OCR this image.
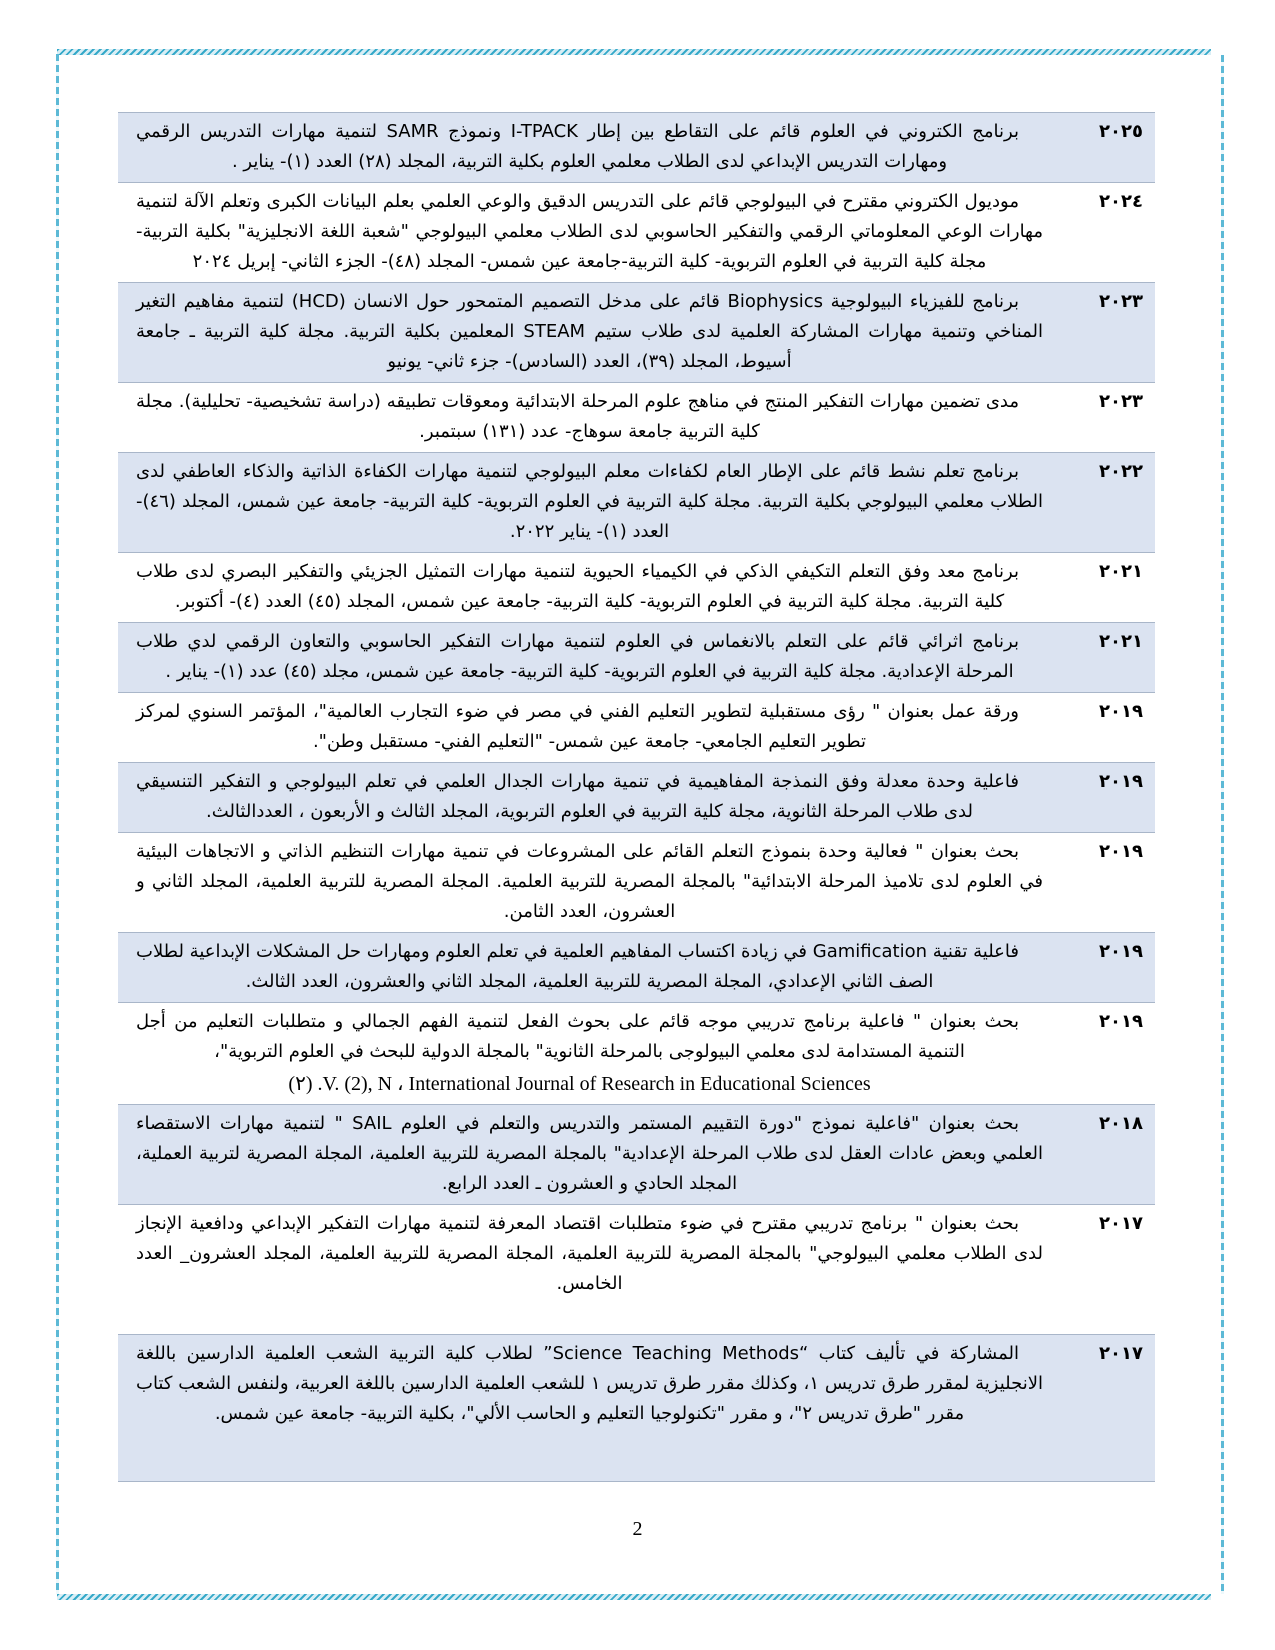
٢٠٢٥

برنامج الكتروني في العلوم قائم على التقاطع بين إطار I-TPACK ونموذج SAMR لتنمية مهارات التدريس الرقمي ومهارات التدريس الإبداعي لدى الطلاب معلمي العلوم بكلية التربية، المجلد (٢٨) العدد (١)- يناير .

٢٠٢٤

موديول الكتروني مقترح في البيولوجي قائم على التدريس الدقيق والوعي العلمي بعلم البيانات الكبرى وتعلم الآلة لتنمية مهارات الوعي المعلوماتي الرقمي والتفكير الحاسوبي لدى الطلاب معلمي البيولوجي "شعبة اللغة الانجليزية" بكلية التربية- مجلة كلية التربية في العلوم التربوية- كلية التربية-جامعة عين شمس- المجلد (٤٨)- الجزء الثاني- إبريل ٢٠٢٤

٢٠٢٣

برنامج للفيزياء البيولوجية Biophysics قائم على مدخل التصميم المتمحور حول الانسان (HCD) لتنمية مفاهيم التغير المناخي وتنمية مهارات المشاركة العلمية لدى طلاب ستيم STEAM المعلمين بكلية التربية. مجلة كلية التربية ـ جامعة أسيوط، المجلد (٣٩)، العدد (السادس)- جزء ثاني- يونيو

٢٠٢٣

مدى تضمين مهارات التفكير المنتج في مناهج علوم المرحلة الابتدائية ومعوقات تطبيقه (دراسة تشخيصية- تحليلية). مجلة كلية التربية جامعة سوهاج- عدد (١٣١) سبتمبر.

٢٠٢٢

برنامج تعلم نشط قائم على الإطار العام لكفاءات معلم البيولوجي لتنمية مهارات الكفاءة الذاتية والذكاء العاطفي لدى الطلاب معلمي البيولوجي بكلية التربية. مجلة كلية التربية في العلوم التربوية- كلية التربية- جامعة عين شمس، المجلد (٤٦)- العدد (١)- يناير ٢٠٢٢.

٢٠٢١

برنامج معد وفق التعلم التكيفي الذكي في الكيمياء الحيوية لتنمية مهارات التمثيل الجزيئي والتفكير البصري لدى طلاب كلية التربية. مجلة كلية التربية في العلوم التربوية- كلية التربية- جامعة عين شمس، المجلد (٤٥) العدد (٤)- أكتوبر.

٢٠٢١

برنامج اثرائي قائم على التعلم بالانغماس في العلوم لتنمية مهارات التفكير الحاسوبي والتعاون الرقمي لدي طلاب المرحلة الإعدادية. مجلة كلية التربية في العلوم التربوية- كلية التربية- جامعة عين شمس، مجلد (٤٥) عدد (١)- يناير .

٢٠١٩

ورقة عمل بعنوان " رؤى مستقبلية لتطوير التعليم الفني في مصر في ضوء التجارب العالمية"، المؤتمر السنوي لمركز تطوير التعليم الجامعي- جامعة عين شمس- "التعليم الفني- مستقبل وطن".

٢٠١٩

فاعلية وحدة معدلة وفق النمذجة المفاهيمية في تنمية مهارات الجدال العلمي في تعلم البيولوجي و التفكير التنسيقي لدى طلاب المرحلة الثانوية، مجلة كلية التربية في العلوم التربوية، المجلد الثالث و الأربعون ، العددالثالث.

٢٠١٩

بحث بعنوان " فعالية وحدة بنموذج التعلم القائم على المشروعات في تنمية مهارات التنظيم الذاتي و الاتجاهات البيئية في العلوم لدى تلاميذ المرحلة الابتدائية" بالمجلة المصرية للتربية العلمية. المجلة المصرية للتربية العلمية، المجلد الثاني و العشرون، العدد الثامن.

٢٠١٩

فاعلية تقنية Gamification في زيادة اكتساب المفاهيم العلمية في تعلم العلوم ومهارات حل المشكلات الإبداعية لطلاب الصف الثاني الإعدادي، المجلة المصرية للتربية العلمية، المجلد الثاني والعشرون، العدد الثالث.

٢٠١٩

بحث بعنوان " فاعلية برنامج تدريبي موجه قائم على بحوث الفعل لتنمية الفهم الجمالي و متطلبات التعليم من أجل التنمية المستدامة لدى معلمي البيولوجى بالمرحلة الثانوية" بالمجلة الدولية للبحث في العلوم التربوية"،

(٢) .V. (2), N ، International Journal of Research in Educational Sciences
٢٠١٨

بحث بعنوان "فاعلية نموذج "دورة التقييم المستمر والتدريس والتعلم في العلوم SAIL " لتنمية مهارات الاستقصاء العلمي وبعض عادات العقل لدى طلاب المرحلة الإعدادية" بالمجلة المصرية للتربية العلمية، المجلة المصرية لتربية العملية، المجلد الحادي و العشرون ـ العدد الرابع.

٢٠١٧

بحث بعنوان " برنامج تدريبي مقترح في ضوء متطلبات اقتصاد المعرفة لتنمية مهارات التفكير الإبداعي ودافعية الإنجاز لدى الطلاب معلمي البيولوجي" بالمجلة المصرية للتربية العلمية، المجلة المصرية للتربية العلمية، المجلد العشرون_ العدد الخامس.

٢٠١٧

المشاركة في تأليف كتاب “Science Teaching Methods” لطلاب كلية التربية الشعب العلمية الدارسين باللغة الانجليزية لمقرر طرق تدريس ١، وكذلك مقرر طرق تدريس ١ للشعب العلمية الدارسين باللغة العربية، ولنفس الشعب كتاب مقرر "طرق تدريس ٢"، و مقرر "تكنولوجيا التعليم و الحاسب الألي"، بكلية التربية- جامعة عين شمس.

2
